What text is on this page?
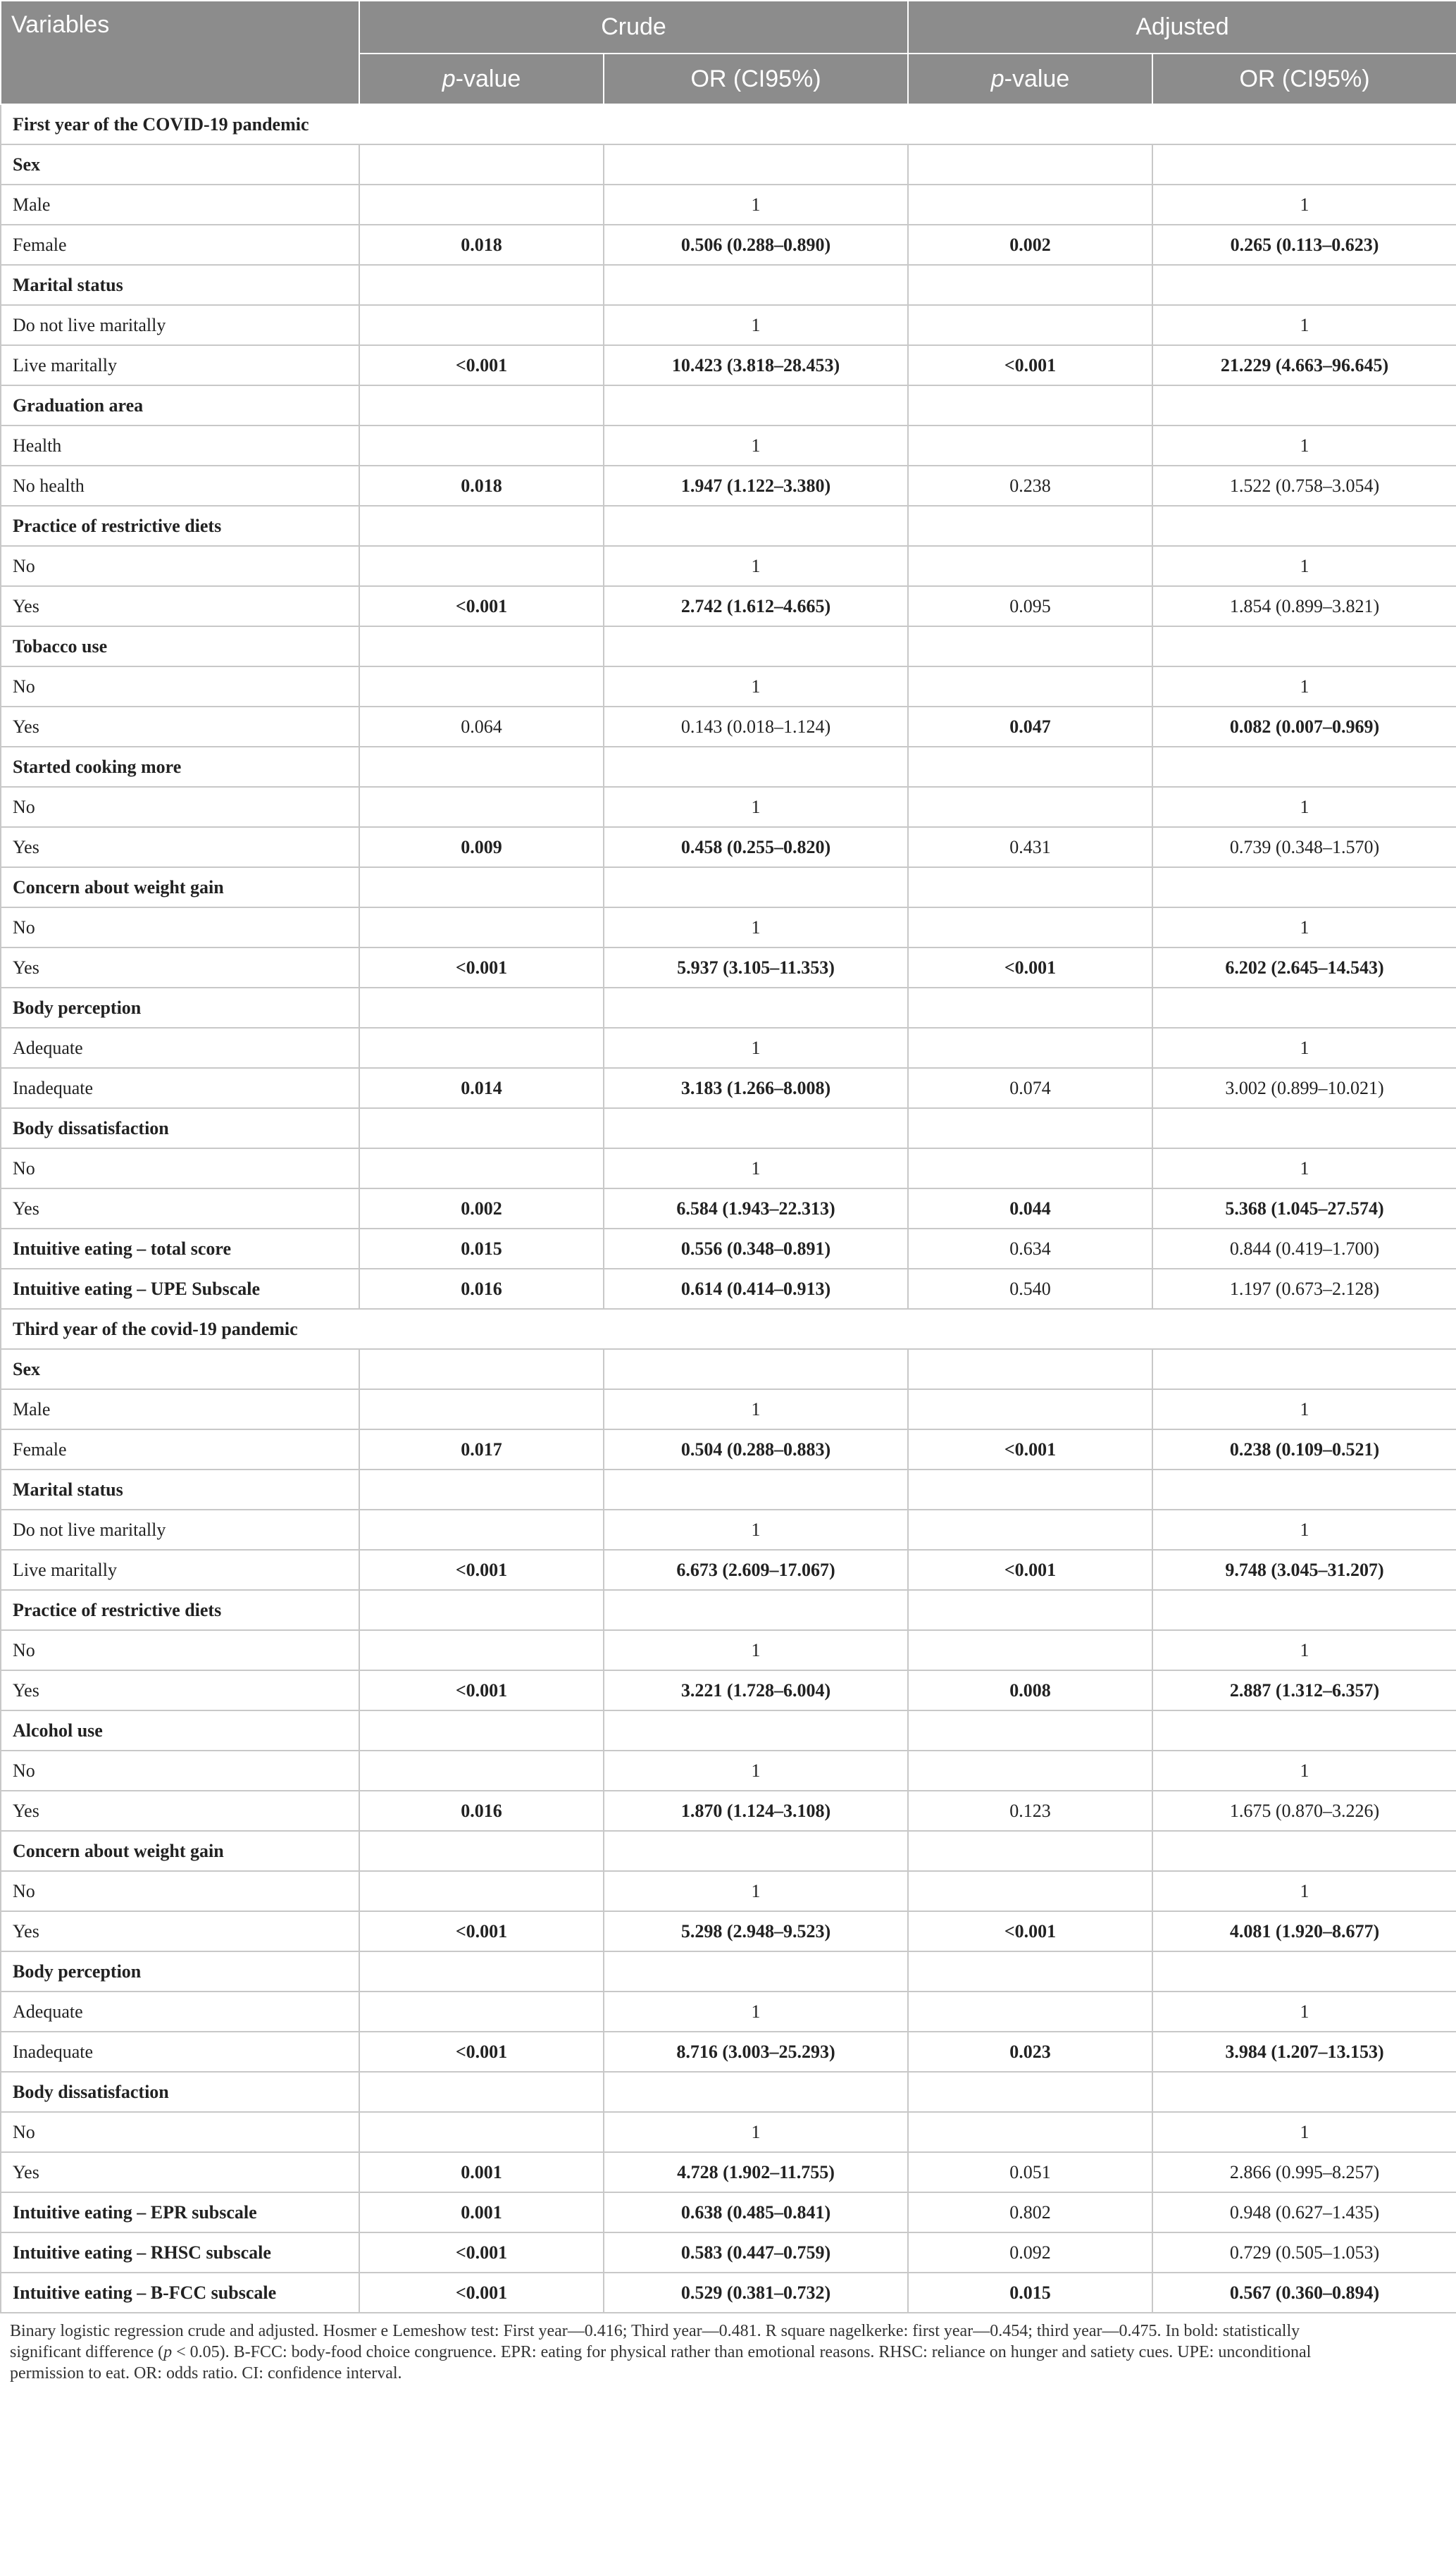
Variables	Crude		Adjusted	
	p-value	OR (CI95%)	p-value	OR (CI95%)
First year of the COVID-19 pandemic				
Sex				
Male		1		1
Female	0.018	0.506 (0.288–0.890)	0.002	0.265 (0.113–0.623)
Marital status				
Do not live maritally		1		1
Live maritally	<0.001	10.423 (3.818–28.453)	<0.001	21.229 (4.663–96.645)
Graduation area				
Health		1		1
No health	0.018	1.947 (1.122–3.380)	0.238	1.522 (0.758–3.054)
Practice of restrictive diets				
No		1		1
Yes	<0.001	2.742 (1.612–4.665)	0.095	1.854 (0.899–3.821)
Tobacco use				
No		1		1
Yes	0.064	0.143 (0.018–1.124)	0.047	0.082 (0.007–0.969)
Started cooking more				
No		1		1
Yes	0.009	0.458 (0.255–0.820)	0.431	0.739 (0.348–1.570)
Concern about weight gain				
No		1		1
Yes	<0.001	5.937 (3.105–11.353)	<0.001	6.202 (2.645–14.543)
Body perception				
Adequate		1		1
Inadequate	0.014	3.183 (1.266–8.008)	0.074	3.002 (0.899–10.021)
Body dissatisfaction				
No		1		1
Yes	0.002	6.584 (1.943–22.313)	0.044	5.368 (1.045–27.574)
Intuitive eating – total score	0.015	0.556 (0.348–0.891)	0.634	0.844 (0.419–1.700)
Intuitive eating – UPE Subscale	0.016	0.614 (0.414–0.913)	0.540	1.197 (0.673–2.128)
Third year of the covid-19 pandemic				
Sex				
Male		1		1
Female	0.017	0.504 (0.288–0.883)	<0.001	0.238 (0.109–0.521)
Marital status				
Do not live maritally		1		1
Live maritally	<0.001	6.673 (2.609–17.067)	<0.001	9.748 (3.045–31.207)
Practice of restrictive diets				
No		1		1
Yes	<0.001	3.221 (1.728–6.004)	0.008	2.887 (1.312–6.357)
Alcohol use				
No		1		1
Yes	0.016	1.870 (1.124–3.108)	0.123	1.675 (0.870–3.226)
Concern about weight gain				
No		1		1
Yes	<0.001	5.298 (2.948–9.523)	<0.001	4.081 (1.920–8.677)
Body perception				
Adequate		1		1
Inadequate	<0.001	8.716 (3.003–25.293)	0.023	3.984 (1.207–13.153)
Body dissatisfaction				
No		1		1
Yes	0.001	4.728 (1.902–11.755)	0.051	2.866 (0.995–8.257)
Intuitive eating – EPR subscale	0.001	0.638 (0.485–0.841)	0.802	0.948 (0.627–1.435)
Intuitive eating – RHSC subscale	<0.001	0.583 (0.447–0.759)	0.092	0.729 (0.505–1.053)
Intuitive eating – B-FCC subscale	<0.001	0.529 (0.381–0.732)	0.015	0.567 (0.360–0.894)
Binary logistic regression crude and adjusted. Hosmer e Lemeshow test: First year—0.416; Third year—0.481. R square nagelkerke: first year—0.454; third year—0.475. In bold: statistically
significant difference (p < 0.05). B-FCC: body-food choice congruence. EPR: eating for physical rather than emotional reasons. RHSC: reliance on hunger and satiety cues. UPE: unconditional
permission to eat. OR: odds ratio. CI: confidence interval.
